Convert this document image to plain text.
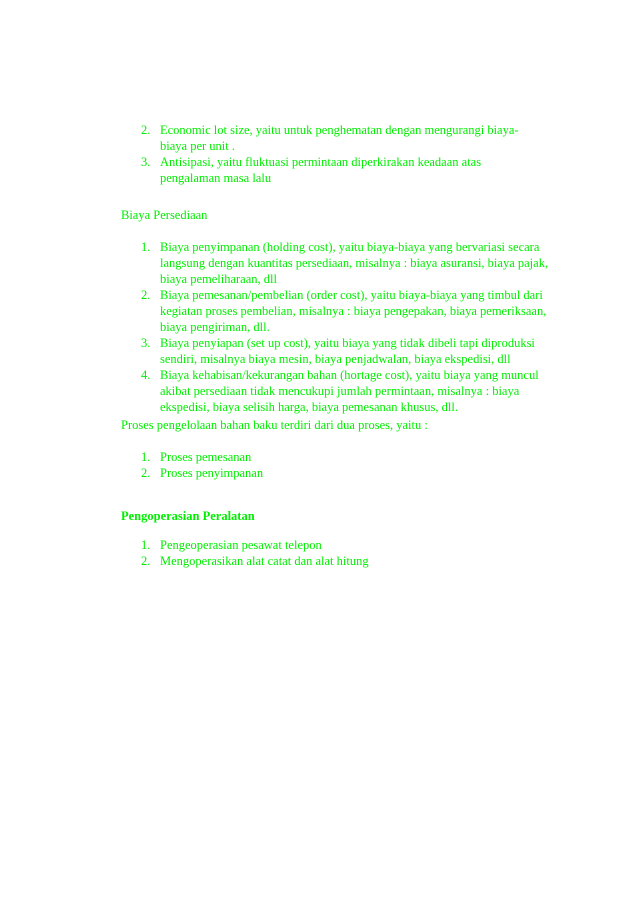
2. Economic lot size, yaitu untuk penghematan dengan mengurangi biaya-biaya per unit .
3. Antisipasi, yaitu fluktuasi permintaan diperkirakan keadaan atas pengalaman masa lalu

Biaya Persediaan

1. Biaya penyimpanan (holding cost), yaitu biaya-biaya yang bervariasi secara langsung dengan kuantitas persediaan, misalnya : biaya asuransi, biaya pajak, biaya pemeliharaan, dll
2. Biaya pemesanan/pembelian (order cost), yaitu biaya-biaya yang timbul dari kegiatan proses pembelian, misalnya : biaya pengepakan, biaya pemeriksaan, biaya pengiriman, dll.
3. Biaya penyiapan (set up cost), yaitu biaya yang tidak dibeli tapi diproduksi sendiri, misalnya biaya mesin, biaya penjadwalan, biaya ekspedisi, dll
4. Biaya kehabisan/kekurangan bahan (hortage cost), yaitu biaya yang muncul akibat persediaan tidak mencukupi jumlah permintaan, misalnya : biaya ekspedisi, biaya selisih harga, biaya pemesanan khusus, dll.

Proses pengelolaan bahan baku terdiri dari dua proses, yaitu :

1. Proses pemesanan
2. Proses penyimpanan

Pengoperasian Peralatan

1. Pengeoperasian pesawat telepon
2. Mengoperasikan alat catat dan alat hitung
